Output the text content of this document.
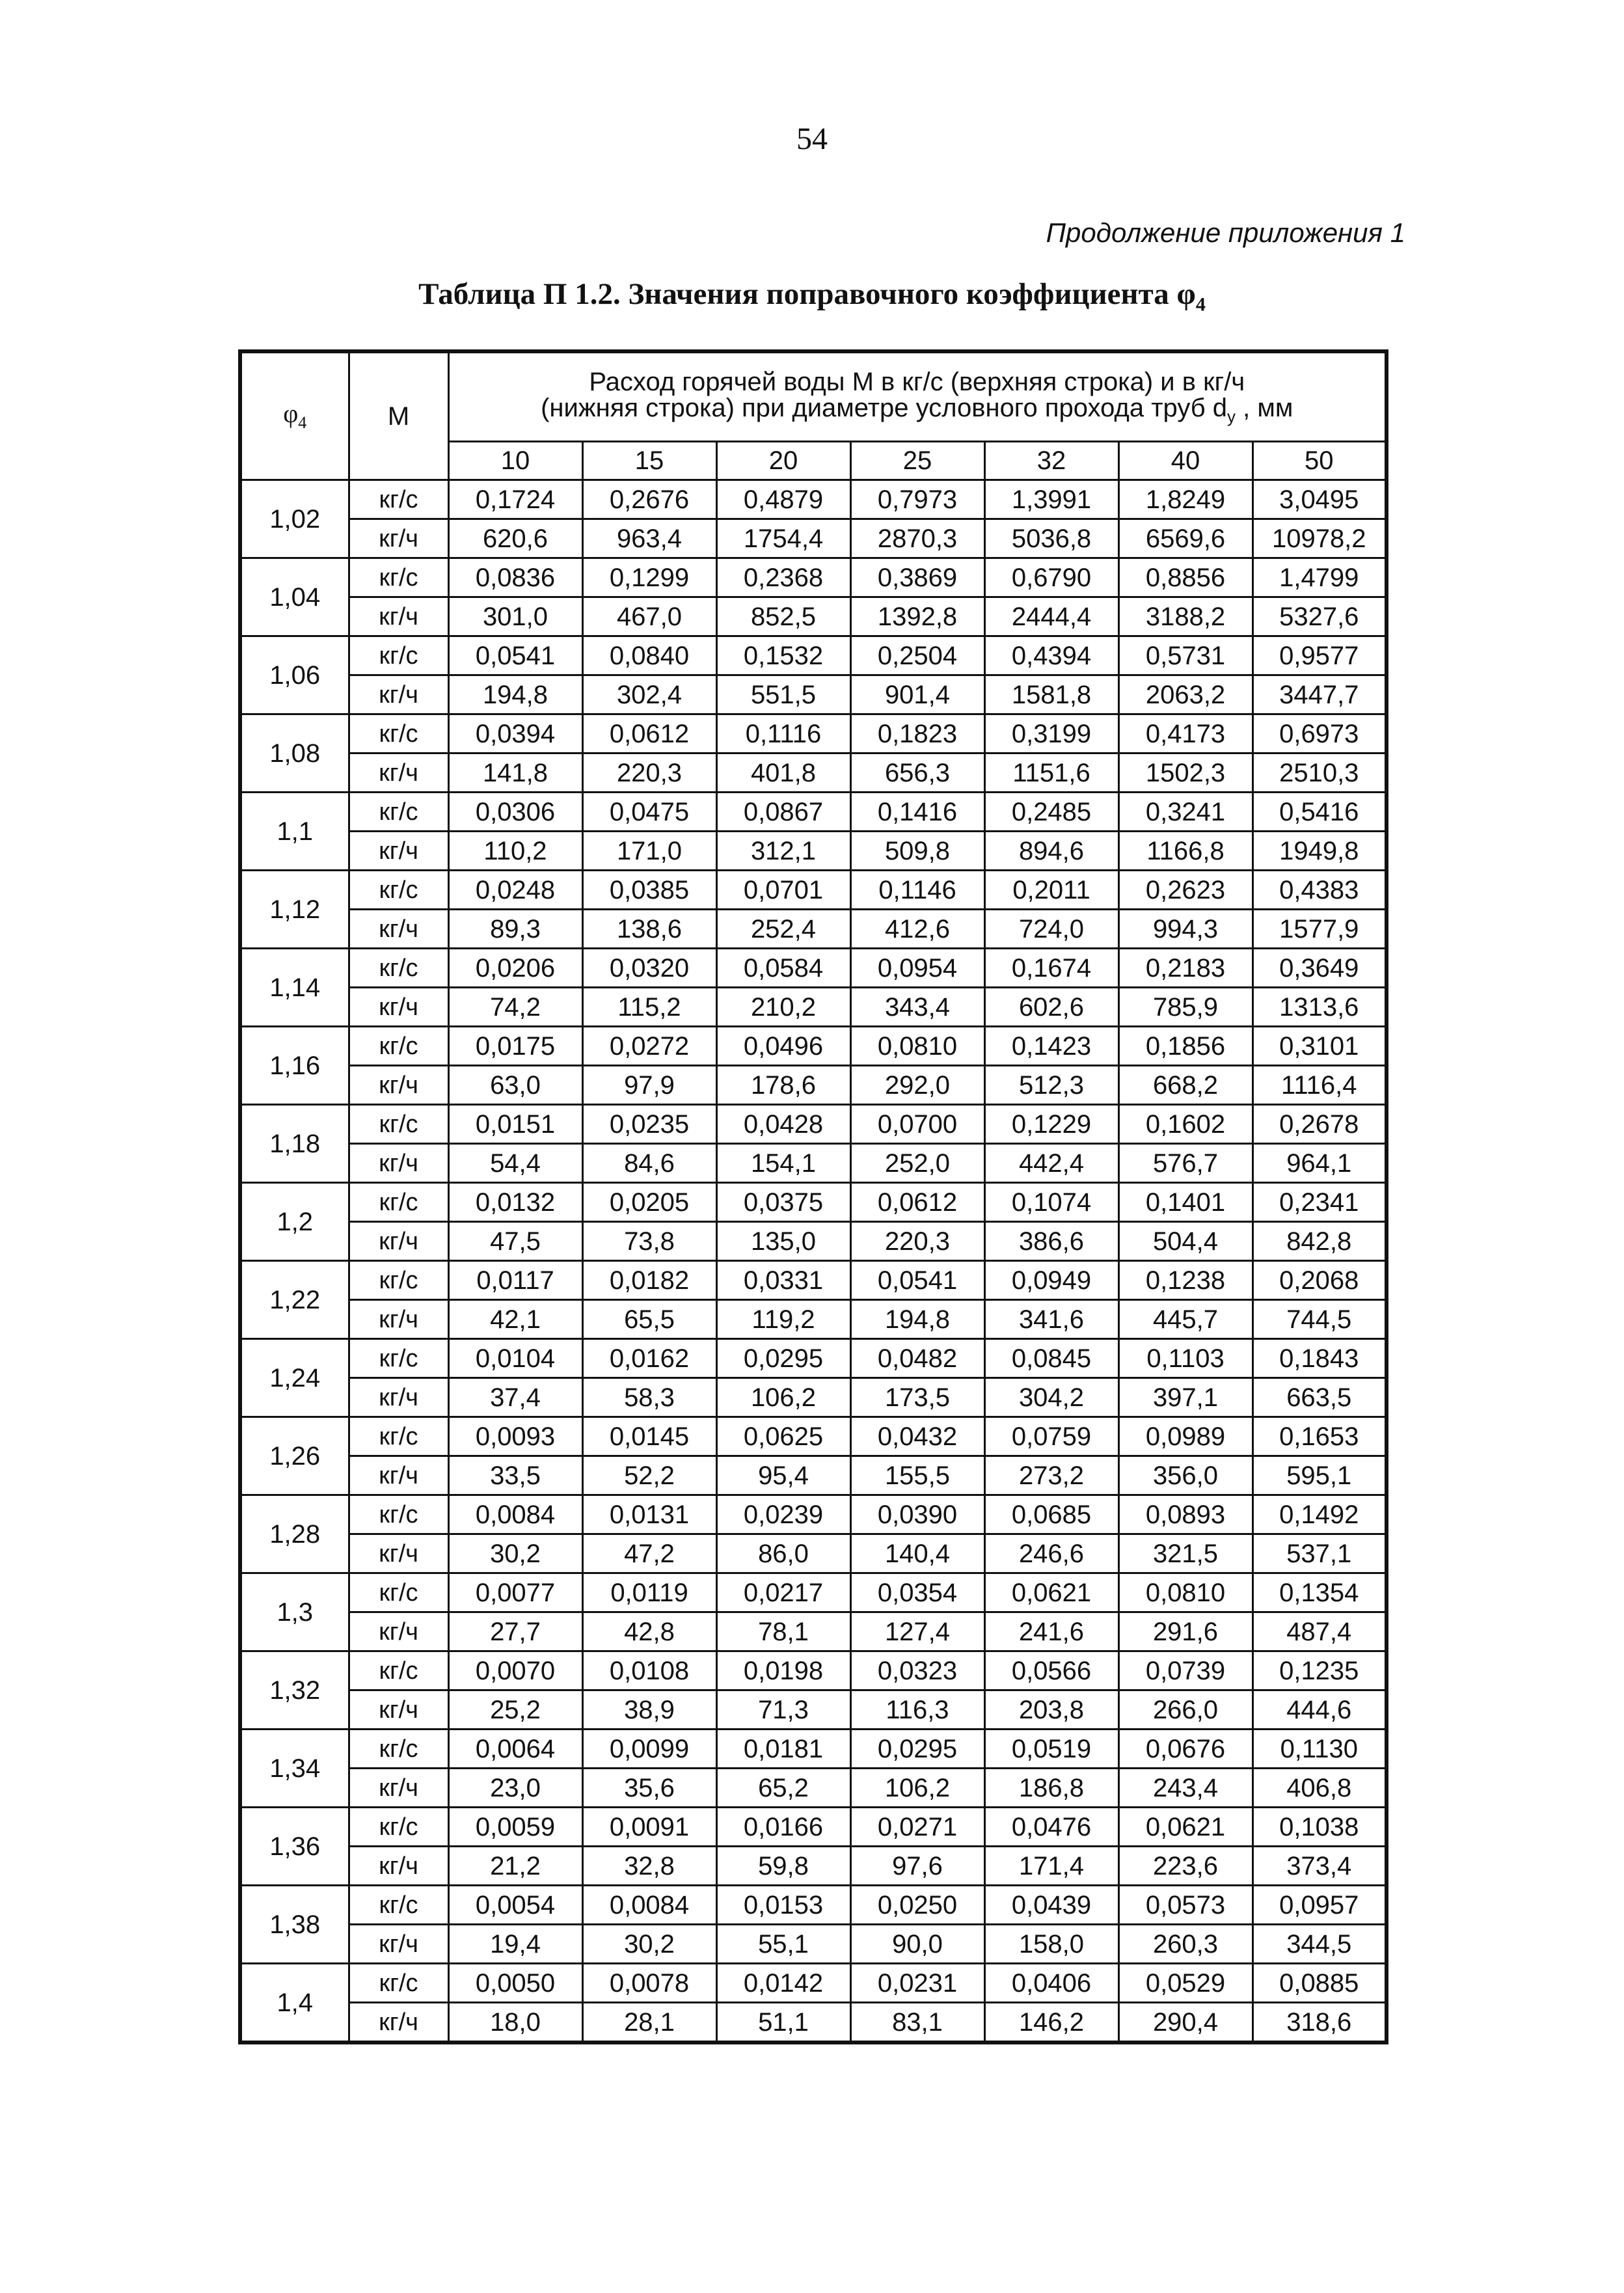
54
Продолжение приложения 1
Таблица П 1.2. Значения поправочного коэффициента $\varphi_4$
$\varphi_4$	М	Расход горячей воды М в кг/с (верхняя строка) и в кг/ч
(нижняя строка) при диаметре условного прохода труб $d_у$ , мм						
		10	15	20	25	32	40	50
1,02	кг/с	0,1724	0,2676	0,4879	0,7973	1,3991	1,8249	3,0495
	кг/ч	620,6	963,4	1754,4	2870,3	5036,8	6569,6	10978,2
1,04	кг/с	0,0836	0,1299	0,2368	0,3869	0,6790	0,8856	1,4799
	кг/ч	301,0	467,0	852,5	1392,8	2444,4	3188,2	5327,6
1,06	кг/с	0,0541	0,0840	0,1532	0,2504	0,4394	0,5731	0,9577
	кг/ч	194,8	302,4	551,5	901,4	1581,8	2063,2	3447,7
1,08	кг/с	0,0394	0,0612	0,1116	0,1823	0,3199	0,4173	0,6973
	кг/ч	141,8	220,3	401,8	656,3	1151,6	1502,3	2510,3
1,1	кг/с	0,0306	0,0475	0,0867	0,1416	0,2485	0,3241	0,5416
	кг/ч	110,2	171,0	312,1	509,8	894,6	1166,8	1949,8
1,12	кг/с	0,0248	0,0385	0,0701	0,1146	0,2011	0,2623	0,4383
	кг/ч	89,3	138,6	252,4	412,6	724,0	994,3	1577,9
1,14	кг/с	0,0206	0,0320	0,0584	0,0954	0,1674	0,2183	0,3649
	кг/ч	74,2	115,2	210,2	343,4	602,6	785,9	1313,6
1,16	кг/с	0,0175	0,0272	0,0496	0,0810	0,1423	0,1856	0,3101
	кг/ч	63,0	97,9	178,6	292,0	512,3	668,2	1116,4
1,18	кг/с	0,0151	0,0235	0,0428	0,0700	0,1229	0,1602	0,2678
	кг/ч	54,4	84,6	154,1	252,0	442,4	576,7	964,1
1,2	кг/с	0,0132	0,0205	0,0375	0,0612	0,1074	0,1401	0,2341
	кг/ч	47,5	73,8	135,0	220,3	386,6	504,4	842,8
1,22	кг/с	0,0117	0,0182	0,0331	0,0541	0,0949	0,1238	0,2068
	кг/ч	42,1	65,5	119,2	194,8	341,6	445,7	744,5
1,24	кг/с	0,0104	0,0162	0,0295	0,0482	0,0845	0,1103	0,1843
	кг/ч	37,4	58,3	106,2	173,5	304,2	397,1	663,5
1,26	кг/с	0,0093	0,0145	0,0625	0,0432	0,0759	0,0989	0,1653
	кг/ч	33,5	52,2	95,4	155,5	273,2	356,0	595,1
1,28	кг/с	0,0084	0,0131	0,0239	0,0390	0,0685	0,0893	0,1492
	кг/ч	30,2	47,2	86,0	140,4	246,6	321,5	537,1
1,3	кг/с	0,0077	0,0119	0,0217	0,0354	0,0621	0,0810	0,1354
	кг/ч	27,7	42,8	78,1	127,4	241,6	291,6	487,4
1,32	кг/с	0,0070	0,0108	0,0198	0,0323	0,0566	0,0739	0,1235
	кг/ч	25,2	38,9	71,3	116,3	203,8	266,0	444,6
1,34	кг/с	0,0064	0,0099	0,0181	0,0295	0,0519	0,0676	0,1130
	кг/ч	23,0	35,6	65,2	106,2	186,8	243,4	406,8
1,36	кг/с	0,0059	0,0091	0,0166	0,0271	0,0476	0,0621	0,1038
	кг/ч	21,2	32,8	59,8	97,6	171,4	223,6	373,4
1,38	кг/с	0,0054	0,0084	0,0153	0,0250	0,0439	0,0573	0,0957
	кг/ч	19,4	30,2	55,1	90,0	158,0	260,3	344,5
1,4	кг/с	0,0050	0,0078	0,0142	0,0231	0,0406	0,0529	0,0885
	кг/ч	18,0	28,1	51,1	83,1	146,2	290,4	318,6
